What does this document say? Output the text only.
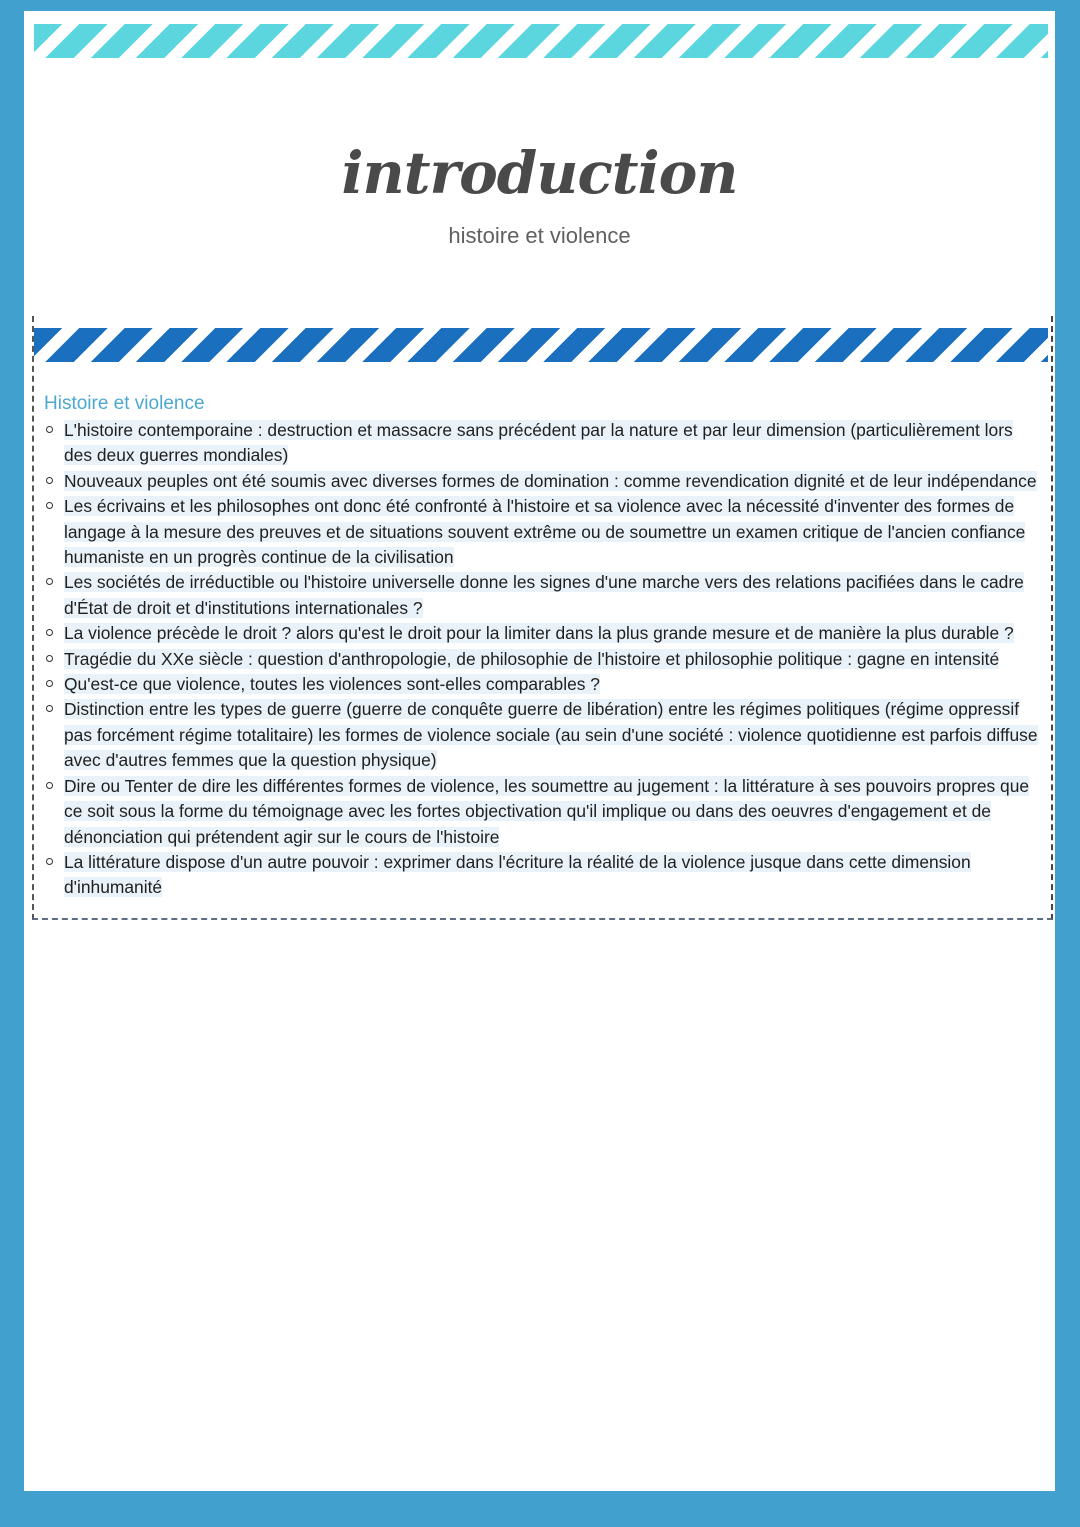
introduction
histoire et violence
Histoire et violence
L'histoire contemporaine : destruction et massacre sans précédent par la nature et par leur dimension (particulièrement lors des deux guerres mondiales)
Nouveaux peuples ont été soumis avec diverses formes de domination : comme revendication dignité et de leur indépendance
Les écrivains et les philosophes ont donc été confronté à l'histoire et sa violence avec la nécessité d'inventer des formes de langage à la mesure des preuves et de situations souvent extrême ou de soumettre un examen critique de l'ancien confiance humaniste en un progrès continue de la civilisation
Les sociétés de irréductible ou l'histoire universelle donne les signes d'une marche vers des relations pacifiées dans le cadre d'État de droit et d'institutions internationales ?
La violence précède le droit ? alors qu'est le droit pour la limiter dans la plus grande mesure et de manière la plus durable ?
Tragédie du XXe siècle : question d'anthropologie, de philosophie de l'histoire et philosophie politique : gagne en intensité
Qu'est-ce que violence, toutes les violences sont-elles comparables ?
Distinction entre les types de guerre (guerre de conquête guerre de libération) entre les régimes politiques (régime oppressif pas forcément régime totalitaire) les formes de violence sociale (au sein d'une société : violence quotidienne est parfois diffuse avec d'autres femmes que la question physique)
Dire ou Tenter de dire les différentes formes de violence, les soumettre au jugement : la littérature à ses pouvoirs propres que ce soit sous la forme du témoignage avec les fortes objectivation qu'il implique ou dans des oeuvres d'engagement et de dénonciation qui prétendent agir sur le cours de l'histoire
La littérature dispose d'un autre pouvoir : exprimer dans l'écriture la réalité de la violence jusque dans cette dimension d'inhumanité
